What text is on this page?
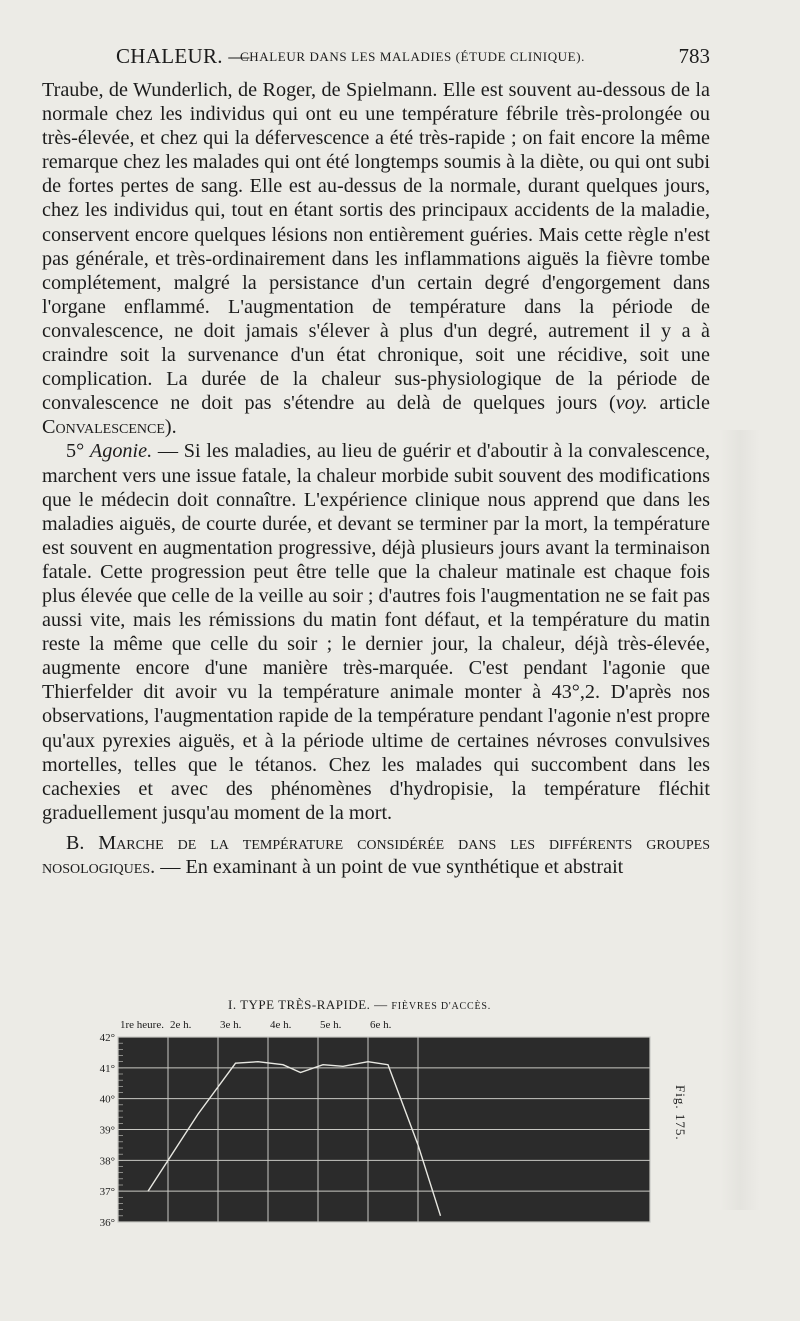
CHALEUR. —
CHALEUR DANS LES MALADIES (ÉTUDE CLINIQUE).	783

Traube, de Wunderlich, de Roger, de Spielmann. Elle est souvent au-dessous de la normale chez les individus qui ont eu une température fébrile très-prolongée ou très-élevée, et chez qui la défervescence a été très-rapide ; on fait encore la même remarque chez les malades qui ont été longtemps soumis à la diète, ou qui ont subi de fortes pertes de sang. Elle est au-dessus de la normale, durant quelques jours, chez les individus qui, tout en étant sortis des principaux accidents de la maladie, conservent encore quelques lésions non entièrement guéries. Mais cette règle n'est pas générale, et très-ordinairement dans les inflammations aiguës la fièvre tombe complétement, malgré la persistance d'un certain degré d'engorgement dans l'organe enflammé. L'augmentation de température dans la période de convalescence, ne doit jamais s'élever à plus d'un degré, autrement il y a à craindre soit la survenance d'un état chronique, soit une récidive, soit une complication. La durée de la chaleur sus-physiologique de la période de convalescence ne doit pas s'étendre au delà de quelques jours (voy. article Convalescence).

5° Agonie. — Si les maladies, au lieu de guérir et d'aboutir à la convalescence, marchent vers une issue fatale, la chaleur morbide subit souvent des modifications que le médecin doit connaître. L'expérience clinique nous apprend que dans les maladies aiguës, de courte durée, et devant se terminer par la mort, la température est souvent en augmentation progressive, déjà plusieurs jours avant la terminaison fatale. Cette progression peut être telle que la chaleur matinale est chaque fois plus élevée que celle de la veille au soir ; d'autres fois l'augmentation ne se fait pas aussi vite, mais les rémissions du matin font défaut, et la température du matin reste la même que celle du soir ; le dernier jour, la chaleur, déjà très-élevée, augmente encore d'une manière très-marquée. C'est pendant l'agonie que Thierfelder dit avoir vu la température animale monter à 43°,2. D'après nos observations, l'augmentation rapide de la température pendant l'agonie n'est propre qu'aux pyrexies aiguës, et à la période ultime de certaines névroses convulsives mortelles, telles que le tétanos. Chez les malades qui succombent dans les cachexies et avec des phénomènes d'hydropisie, la température fléchit graduellement jusqu'au moment de la mort.

B. Marche de la température considérée dans les différents groupes nosologiques. — En examinant à un point de vue synthétique et abstrait

I. TYPE TRÈS-RAPIDE. — FIÈVRES D'ACCÈS.
1re heure. 2e h.	3e h.	4e h.	5e h.	6e h.
42°
41°
40°
39°
38°
37°
36°
Fig. 175.
